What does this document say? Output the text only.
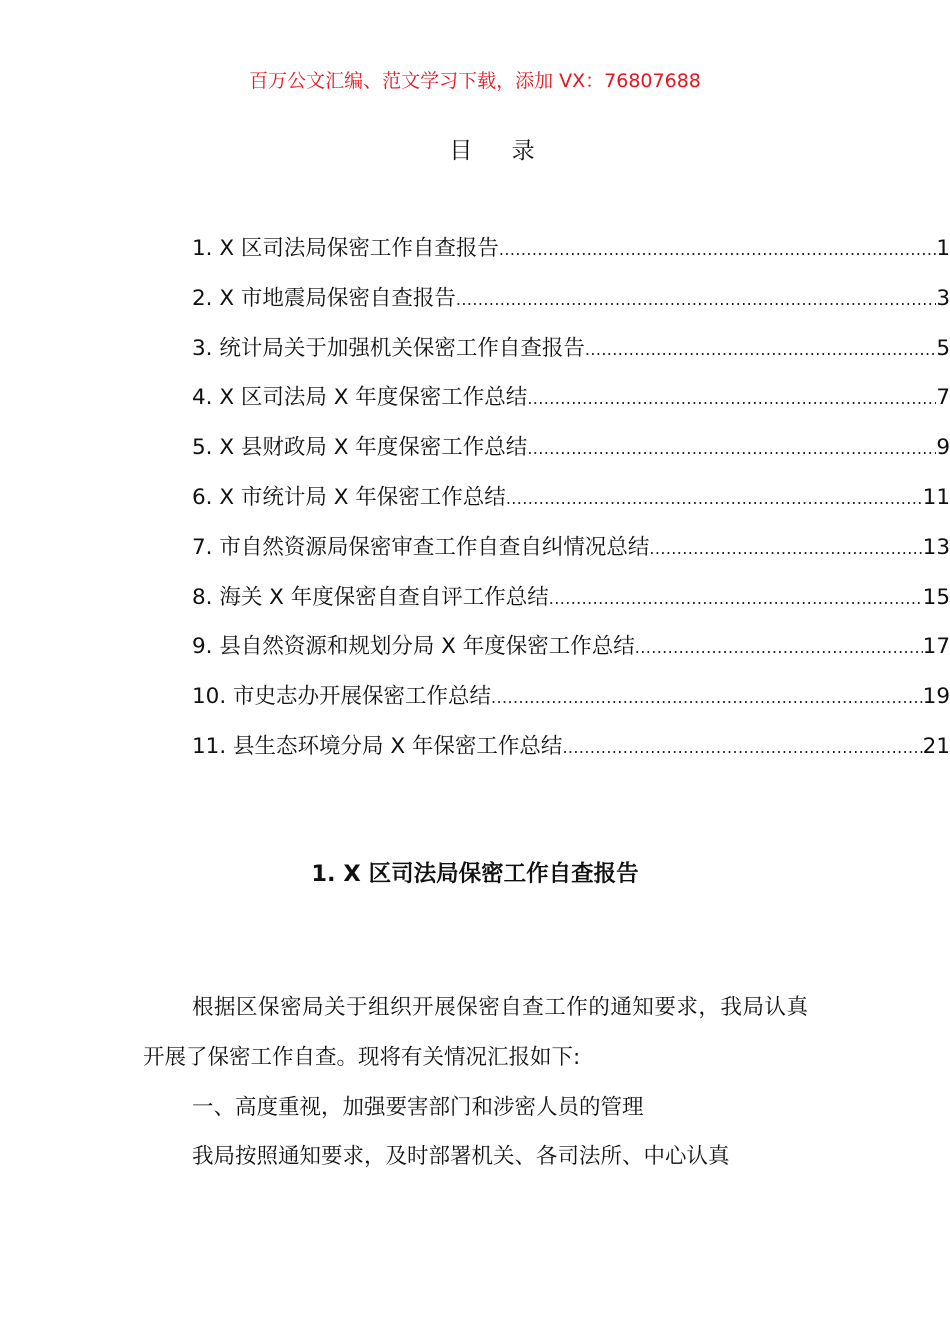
百万公文汇编、范文学习下载，添加 VX：76807688
目 录
1. X 区司法局保密工作自查报告 .....	1
2. X 市地震局保密自查报告 .....	3
3. 统计局关于加强机关保密工作自查报告 .....	5
4. X 区司法局 X 年度保密工作总结 .....	7
5. X 县财政局 X 年度保密工作总结 .....	9
6. X 市统计局 X 年保密工作总结 .....	11
7. 市自然资源局保密审查工作自查自纠情况总结 .....	13
8. 海关 X 年度保密自查自评工作总结 .....	15
9. 县自然资源和规划分局 X 年度保密工作总结 .....	17
10. 市史志办开展保密工作总结 .....	19
11. 县生态环境分局 X 年保密工作总结 .....	21
1. X 区司法局保密工作自查报告

根据区保密局关于组织开展保密自查工作的通知要求，我局认真开展了保密工作自查。现将有关情况汇报如下:

一、高度重视，加强要害部门和涉密人员的管理

我局按照通知要求，及时部署机关、各司法所、中心认真
